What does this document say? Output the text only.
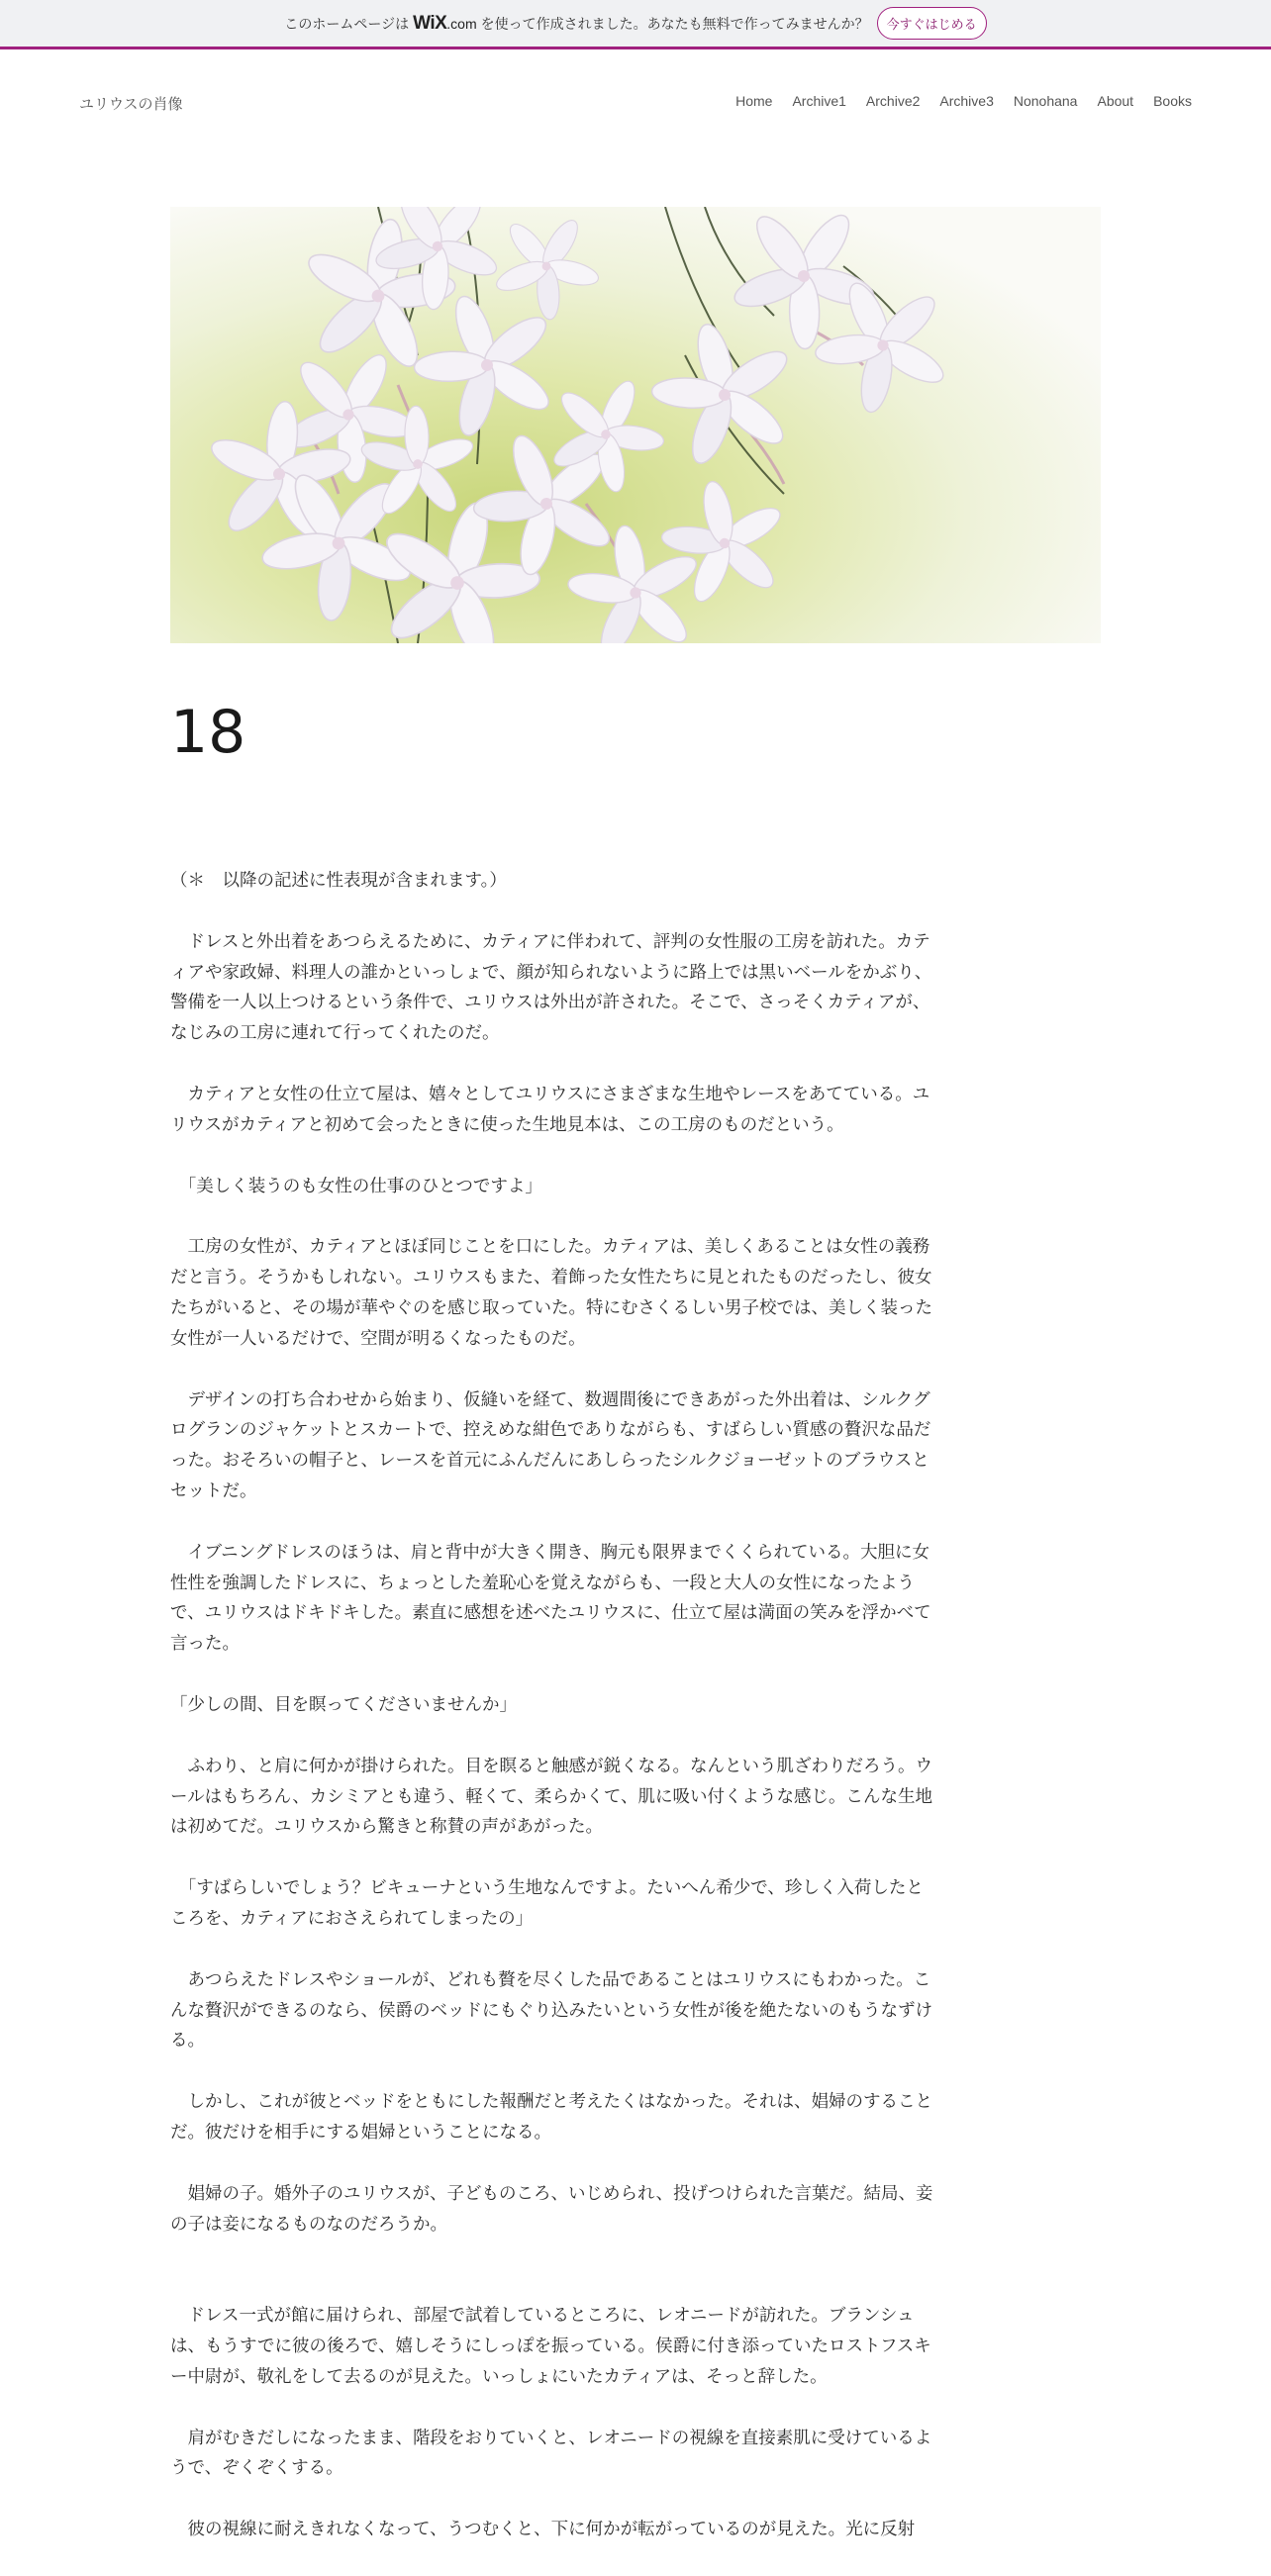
このホームページは WiX.com を使って作成されました。あなたも無料で作ってみませんか？	今すぐはじめる
ユリウスの肖像	Home Archive1 Archive2 Archive3 Nonohana About Books
18

（＊　以降の記述に性表現が含まれます。）

　ドレスと外出着をあつらえるために、カティアに伴われて、評判の女性服の工房を訪れた。カティアや家政婦、料理人の誰かといっしょで、顔が知られないように路上では黒いベールをかぶり、警備を一人以上つけるという条件で、ユリウスは外出が許された。そこで、さっそくカティアが、なじみの工房に連れて行ってくれたのだ。

　カティアと女性の仕立て屋は、嬉々としてユリウスにさまざまな生地やレースをあてている。ユリウスがカティアと初めて会ったときに使った生地見本は、この工房のものだという。

　「美しく装うのも女性の仕事のひとつですよ」

　工房の女性が、カティアとほぼ同じことを口にした。カティアは、美しくあることは女性の義務だと言う。そうかもしれない。ユリウスもまた、着飾った女性たちに見とれたものだったし、彼女たちがいると、その場が華やぐのを感じ取っていた。特にむさくるしい男子校では、美しく装った女性が一人いるだけで、空間が明るくなったものだ。

　デザインの打ち合わせから始まり、仮縫いを経て、数週間後にできあがった外出着は、シルクグログランのジャケットとスカートで、控えめな紺色でありながらも、すばらしい質感の贅沢な品だった。おそろいの帽子と、レースを首元にふんだんにあしらったシルクジョーゼットのブラウスとセットだ。

　イブニングドレスのほうは、肩と背中が大きく開き、胸元も限界までくくられている。大胆に女性性を強調したドレスに、ちょっとした羞恥心を覚えながらも、一段と大人の女性になったようで、ユリウスはドキドキした。素直に感想を述べたユリウスに、仕立て屋は満面の笑みを浮かべて言った。

「少しの間、目を瞑ってくださいませんか」

　ふわり、と肩に何かが掛けられた。目を瞑ると触感が鋭くなる。なんという肌ざわりだろう。ウールはもちろん、カシミアとも違う、軽くて、柔らかくて、肌に吸い付くような感じ。こんな生地は初めてだ。ユリウスから驚きと称賛の声があがった。

　「すばらしいでしょう？ビキューナという生地なんですよ。たいへん希少で、珍しく入荷したところを、カティアにおさえられてしまったの」

　あつらえたドレスやショールが、どれも贅を尽くした品であることはユリウスにもわかった。こんな贅沢ができるのなら、侯爵のベッドにもぐり込みたいという女性が後を絶たないのもうなずける。

　しかし、これが彼とベッドをともにした報酬だと考えたくはなかった。それは、娼婦のすることだ。彼だけを相手にする娼婦ということになる。

　娼婦の子。婚外子のユリウスが、子どものころ、いじめられ、投げつけられた言葉だ。結局、妾の子は妾になるものなのだろうか。

　ドレス一式が館に届けられ、部屋で試着しているところに、レオニードが訪れた。ブランシュは、もうすでに彼の後ろで、嬉しそうにしっぽを振っている。侯爵に付き添っていたロストフスキー中尉が、敬礼をして去るのが見えた。いっしょにいたカティアは、そっと辞した。

　肩がむきだしになったまま、階段をおりていくと、レオニードの視線を直接素肌に受けているようで、ぞくぞくする。

　彼の視線に耐えきれなくなって、うつむくと、下に何かが転がっているのが見えた。光に反射
